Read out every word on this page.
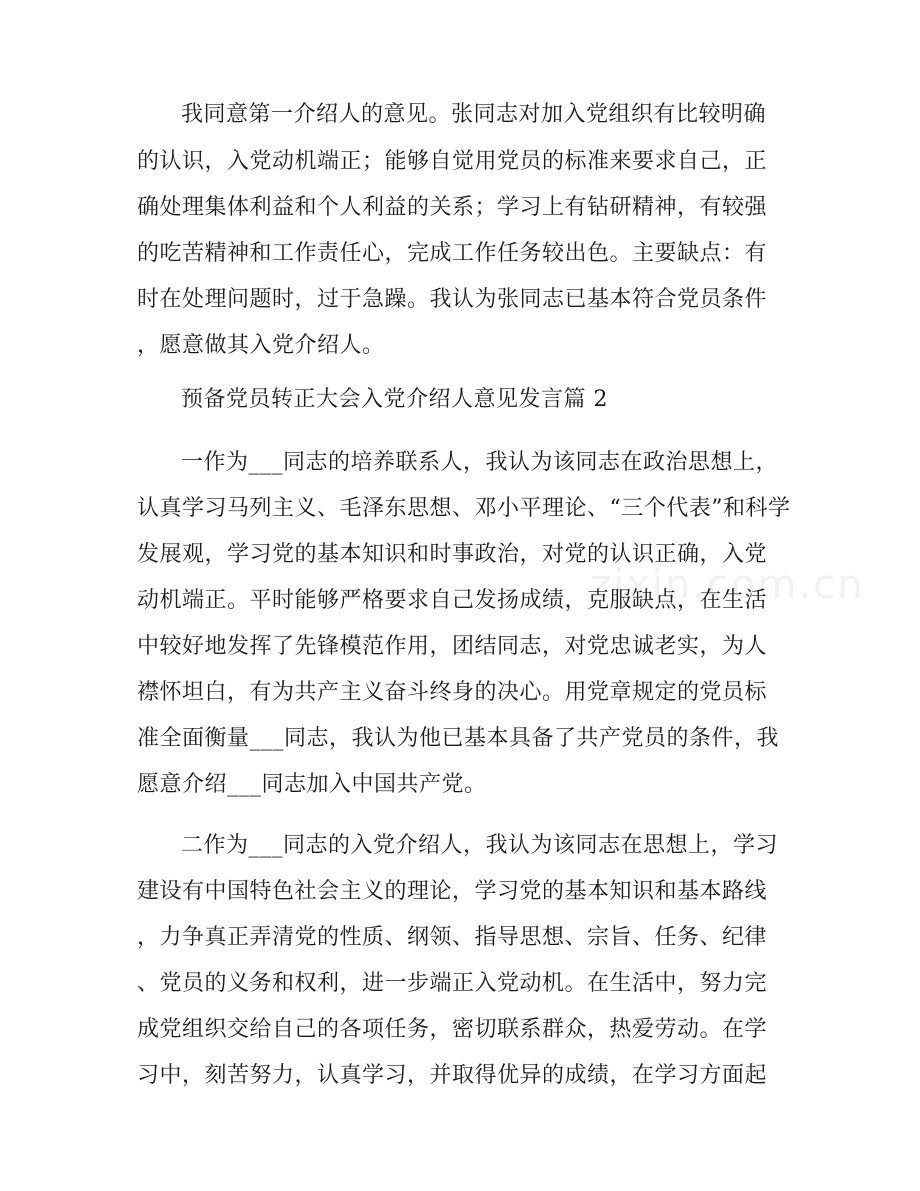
我同意第一介绍人的意见。张同志对加入党组织有比较明确
的认识，入党动机端正；能够自觉用党员的标准来要求自己，正
确处理集体利益和个人利益的关系；学习上有钻研精神，有较强
的吃苦精神和工作责任心，完成工作任务较出色。主要缺点：有
时在处理问题时，过于急躁。我认为张同志已基本符合党员条件
，愿意做其入党介绍人。
预备党员转正大会入党介绍人意见发言篇 2
一作为___同志的培养联系人，我认为该同志在政治思想上，
认真学习马列主义、毛泽东思想、邓小平理论、“三个代表”和科学
发展观，学习党的基本知识和时事政治，对党的认识正确，入党
动机端正。平时能够严格要求自己发扬成绩，克服缺点，在生活
中较好地发挥了先锋模范作用，团结同志，对党忠诚老实，为人
襟怀坦白，有为共产主义奋斗终身的决心。用党章规定的党员标
准全面衡量___同志，我认为他已基本具备了共产党员的条件，我
愿意介绍___同志加入中国共产党。
二作为___同志的入党介绍人，我认为该同志在思想上，学习
建设有中国特色社会主义的理论，学习党的基本知识和基本路线
，力争真正弄清党的性质、纲领、指导思想、宗旨、任务、纪律
、党员的义务和权利，进一步端正入党动机。在生活中，努力完
成党组织交给自己的各项任务，密切联系群众，热爱劳动。在学
习中，刻苦努力，认真学习，并取得优异的成绩，在学习方面起
zixin.com.cn
